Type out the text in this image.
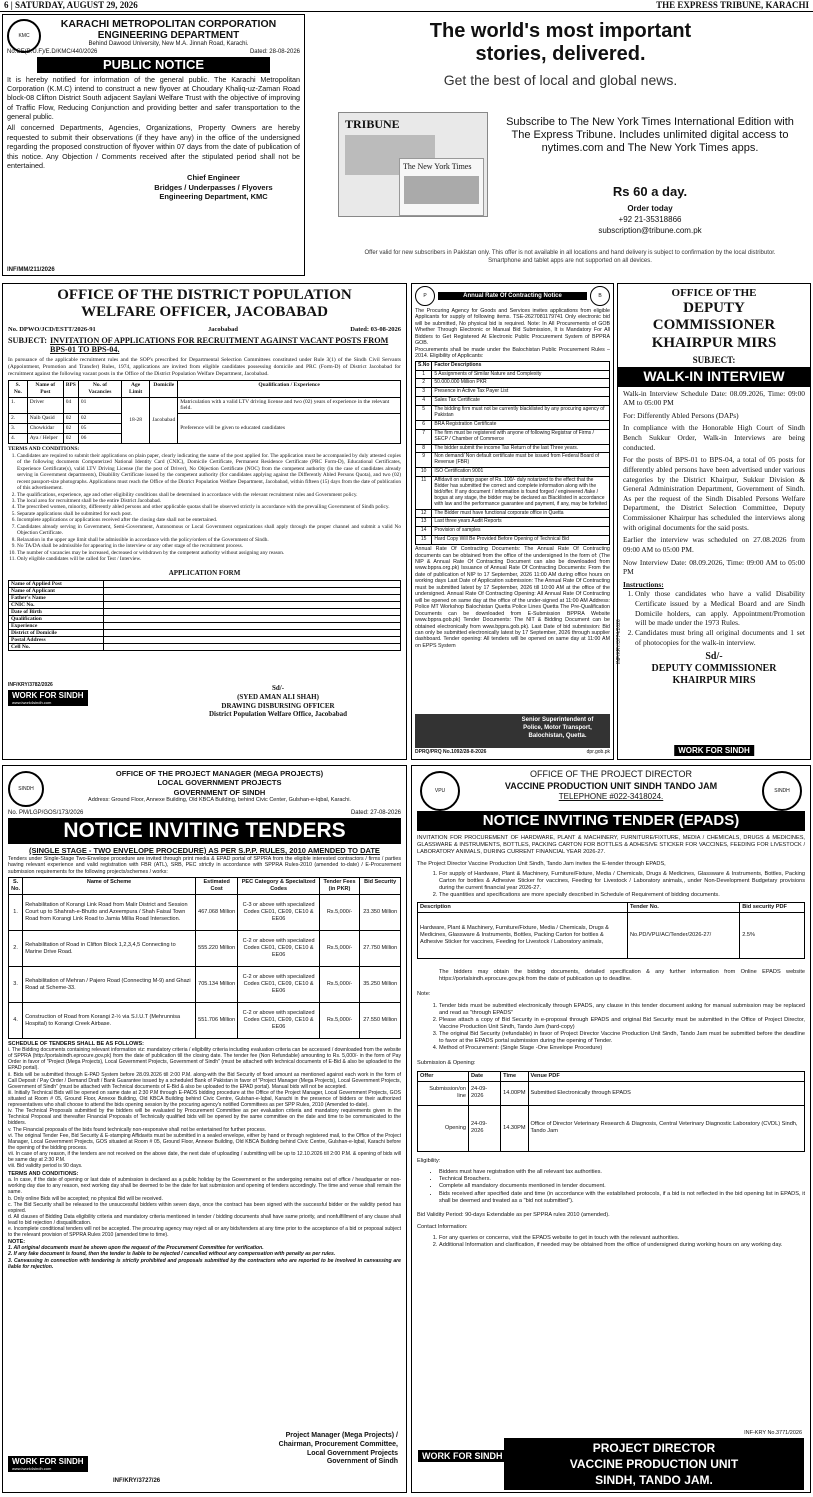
6 | SATURDAY, AUGUST 29, 2026	THE EXPRESS TRIBUNE, KARACHI
KMC
KARACHI METROPOLITAN CORPORATION
ENGINEERING DEPARTMENT
Behind Dawood University, New M.A. Jinnah Road, Karachi.
No.CE(B.U.F)/E.D/KMC/440/2026	Dated: 28-08-2026
PUBLIC NOTICE

It is hereby notified for information of the general public. The Karachi Metropolitan Corporation (K.M.C) intend to construct a new flyover at Choudary Khaliq-uz-Zaman Road block-08 Clifton District South adjacent Saylani Welfare Trust with the objective of improving of Traffic Flow, Reducing Conjunction and providing better and safer transportation to the general public.

All concerned Departments, Agencies, Organizations, Property Owners are hereby requested to submit their observations (if they have any) in the office of the undersigned regarding the proposed construction of flyover within 07 days from the date of publication of this notice. Any Objection / Comments received after the stipulated period shall not be entertained.

Chief Engineer
Bridges / Underpasses / Flyovers
Engineering Department, KMC
INF/MM/211/2026
The world's most important
stories, delivered.
Get the best of local and global news.
TRIBUNE
The New York Times
Subscribe to The New York Times International Edition with The Express Tribune. Includes unlimited digital access to nytimes.com and The New York Times apps.
Rs 60 a day.
Order today
+92 21-35318866
subscription@tribune.com.pk
Offer valid for new subscribers in Pakistan only. This offer is not available in all locations and hand delivery is subject to confirmation by the local distributor. Smartphone and tablet apps are not supported on all devices.
OFFICE OF THE DISTRICT POPULATION
WELFARE OFFICER, JACOBABAD
No. DPWO/JCD/ESTT/2026-91	Jacobabad	Dated: 03-08-2026
SUBJECT: INVITATION OF APPLICATIONS FOR RECRUITMENT AGAINST VACANT POSTS FROM BPS-01 TO BPS-04.

In pursuance of the applicable recruitment rules and the SOP's prescribed for Departmental Selection Committees constituted under Rule 3(1) of the Sindh Civil Servants (Appointment, Promotion and Transfer) Rules, 1974, applications are invited from eligible candidates possessing domicile and PRC (Form-D) of District Jacobabad for recruitment against the following vacant posts in the Office of the District Population Welfare Department, Jacobabad.

S. No.	Name of Post	BPS	No. of Vacancies	Age Limit	Domicile	Qualification / Experience
1.	Driver	04	01	18-28	Jacobabad	Matriculation with a valid LTV driving license and two (02) years of experience in the relevant field.
2.	Naib Qasid	02	02			Preference will be given to educated candidates
3.	Chowkidar	02	05			
4.	Aya / Helper	02	06			
TERMS AND CONDITIONS:
1. Candidates are required to submit their applications on plain paper, clearly indicating the name of the post applied for. The application must be accompanied by duly attested copies of the following documents Computerized National Identity Card (CNIC), Domicile Certificate, Permanent Residence Certificate (PRC Form-D), Educational Certificates, Experience Certificate(s), valid LTV Driving License (for the post of Driver), No Objection Certificate (NOC) from the competent authority (in the case of candidates already serving in Government departments), Disability Certificate issued by the competent authority (for candidates applying against the Differently Abled Persons Quota), and two (02) recent passport-size photographs. Applications must reach the Office of the District Population Welfare Department, Jacobabad, within fifteen (15) days from the date of publication of this advertisement.
2. The qualifications, experience, age and other eligibility conditions shall be determined in accordance with the relevant recruitment rules and Government policy.
3. The local area for recruitment shall be the entire District Jacobabad.
4. The prescribed women, minority, differently abled persons and other applicable quotas shall be observed strictly in accordance with the prevailing Government of Sindh policy.
5. Separate applications shall be submitted for each post.
6. Incomplete applications or applications received after the closing date shall not be entertained.
7. Candidates already serving in Government, Semi-Government, Autonomous or Local Government organizations shall apply through the proper channel and submit a valid No Objection Certificate.
8. Relaxation in the upper age limit shall be admissible in accordance with the policy/orders of the Government of Sindh.
9. No TA/DA shall be admissible for appearing in the interview or any other stage of the recruitment process.
10. The number of vacancies may be increased, decreased or withdrawn by the competent authority without assigning any reason.
11. Only eligible candidates will be called for Test / Interview.
APPLICATION FORM
Name of Applied Post	
Name of Applicant	
Father's Name	
CNIC No.	
Date of Birth	
Qualification	
Experience	
District of Domicile	
Postal Address	
Cell No.	
Sd/-
(SYED AMAN ALI SHAH)
DRAWING DISBURSING OFFICER
District Population Welfare Office, Jacobabad
INF/KRY/3782/2026
WORK FOR SINDH
www.iwork4sindh.com
P	Annual Rate Of Contracting Notice	B

The Procuring Agency for Goods and Services invites applications from eligible Applicants for supply of following items. TSE-2627081179741 Only electronic bid will be submitted, No physical bid is required. Note: In All Procurements of GOB Whether Through Electronic or Manual Bid Submission, It is Mandatory For All Bidders to Get Registered At Electronic Public Procurement System of BPPRA GOB.

Procurements shall be made under the Balochistan Public Procurement Rules – 2014. Eligibility of Applicants:

S.No	Factor Descriptions
1	5 Assignments of Similar Nature and Complexity
2	50.000.000 Million PKR
3	Presence in Active Tax Payer List
4	Sales Tax Certificate
5	The bidding firm must not be currently blacklisted by any procuring agency of Pakistan
6	BRA Registration Certificate
7	The firm must be registered with anyone of following Registrar of Firms / SECP / Chamber of Commerce
8	The bidder submit the income Tax Return of the last Three years.
9	Non demand/ Non default certificate must be issued from Federal Board of Revenue (FBR)
10	ISO Certification 9001
11	Affidavit on stamp paper of Rs. 100/- duly notarized to the effect that the Bidder has submitted the correct and complete information along with the bid/offer. If any document / information is found forged / engineered /fake / bogus at any stage, the bidder may be declared as Blacklisted in accordance with law and the performance guarantee and payment, if any, may be forfeited
12	The Bidder must have functional corporate office in Quetta
13	Last three years Audit Reports
14	Provision of samples
15	Hard Copy Will Be Provided Before Opening of Technical Bid

Annual Rate Of Contracting Documents: The Annual Rate Of Contracting documents can be obtained from the office of the undersigned In the form of: (The NIP & Annual Rate Of Contracting Document can also be downloaded from www.bppra.org.pk) Issuance of Annual Rate Of Contracting Documents: From the date of publication of NIP to 17 September, 2026 11:00 AM during office hours on working days Last Date of Application submission: The Annual Rate Of Contracting must be submitted latest by 17 September, 2026 till 10:00 AM at the office of the undersigned. Annual Rate Of Contracting Opening: All Annual Rate Of Contracting will be opened on same day at the office of the under-signed at 11:00 AM Address: Police MT Workshop Balochistan Quetta Police Lines Quetta The Pre-Qualification Documents can be downloaded from E-Submission BPPRA Website www.bppra.gob.pk) Tender Documents: The NIT & Bidding Document can be obtained electronically from www.bppra.gob.pk). Last Date of bid submission: Bid can only be submitted electronically latest by 17 September, 2026 through supplier dashboard. Tender opening: All tenders will be opened on same day at 11:00 AM on EPPS System

Senior Superintendent of
Police, Motor Transport,
Balochistan, Quetta.
DPRQ/PRQ No.1092/28-8-2026	dpr.gob.pk
OFFICE OF THE
DEPUTY
COMMISSIONER
KHAIRPUR MIRS
SUBJECT:
WALK-IN INTERVIEW

Walk-in Interview Schedule Date: 08.09.2026, Time: 09:00 AM to 05:00 PM

For: Differently Abled Persons (DAPs)

In compliance with the Honorable High Court of Sindh Bench Sukkur Order, Walk-in Interviews are being conducted.

For the posts of BPS-01 to BPS-04, a total of 05 posts for differently abled persons have been advertised under various categories by the District Khairpur, Sukkur Division & General Administration Department, Government of Sindh. As per the request of the Sindh Disabled Persons Welfare Department, the District Selection Committee, Deputy Commissioner Khairpur has scheduled the interviews along with original documents for the said posts.

Earlier the interview was scheduled on 27.08.2026 from 09:00 AM to 05:00 PM.

Now Interview Date: 08.09.2026, Time: 09:00 AM to 05:00 PM

Instructions:

1. Only those candidates who have a valid Disability Certificate issued by a Medical Board and are Sindh Domicile holders, can apply. Appointment/Promotion will be made under the 1973 Rules.
2. Candidates must bring all original documents and 1 set of photocopies for the walk-in interview.
Sd/-
DEPUTY COMMISSIONER
KHAIRPUR MIRS
INF/KRY/3774/2026
WORK FOR SINDH
SINDH
OFFICE OF THE PROJECT MANAGER (MEGA PROJECTS)
LOCAL GOVERNMENT PROJECTS
GOVERNMENT OF SINDH
Address: Ground Floor, Annexe Building, Old KBCA Building, behind Civic Center, Gulshan-e-Iqbal, Karachi.
No. PM/LGP/GOS/173/2026	Dated: 27-08-2026
NOTICE INVITING TENDERS
(SINGLE STAGE - TWO ENVELOPE PROCEDURE) AS PER S.P.P. RULES, 2010 AMENDED TO DATE

Tenders under Single-Stage Two-Envelope procedure are invited through print media & EPAD portal of SPPRA from the eligible interested contractors / firms / parties having relevant experience and valid registration with FBR (ATL), SRB, PEC strictly in accordance with SPPRA Rules-2010 (amended to-date) / E-Procurement submission requirements for the following projects/schemes / works:

S. No.	Name of Scheme	Estimated Cost	PEC Category & Specialized Codes	Tender Fees (in PKR)	Bid Security
1.	Rehabilitation of Korangi Link Road from Malir District and Session Court up to Shahrah-e-Bhutto and Azeempura / Shah Faisal Town Road from Korangi Link Road to Jamia Millia Road Intersection.	467.068 Million	C-3 or above with specialized Codes CE01, CE09, CE10 & EE06	Rs.5,000/-	23.350 Million
2.	Rehabilitation of Road in Clifton Block 1,2,3,4,5 Connecting to Marine Drive Road.	555.220 Million	C-2 or above with specialized Codes CE01, CE09, CE10 & EE06	Rs.5,000/-	27.750 Million
3.	Rehabilitation of Mehran / Pajero Road (Connecting M-9) and Ghazi Road at Scheme-33.	705.134 Million	C-2 or above with specialized Codes CE01, CE09, CE10 & EE06	Rs.5,000/-	35.250 Million
4.	Construction of Road from Korangi 2-½ via S.I.U.T (Mehrunnisa Hospital) to Korangi Creek Airbase.	551.706 Million	C-2 or above with specialized Codes CE01, CE09, CE10 & EE06	Rs.5,000/-	27.550 Million
SCHEDULE OF TENDERS SHALL BE AS FOLLOWS:
i. The Bidding documents containing relevant information viz: mandatory criteria / eligibility criteria including evaluation criteria can be accessed / downloaded from the website of SPPRA (http://portalsindh.eprocure.gov.pk) from the date of publication till the closing date. The tender fee (Non Refundable) amounting to Rs. 5,000/- in the form of Pay Order in favor of "Project (Mega Projects), Local Government Projects, Government of Sindh" (must be attached with technical documents of E-Bid & also be uploaded to the EPAD portal).
ii. Bids will be submitted through E-PAD System before 28.09.2026 till 2:00 P.M. along-with the Bid Security of fixed amount as mentioned against each work in the form of Call Deposit / Pay Order / Demand Draft / Bank Guarantee issued by a scheduled Bank of Pakistan in favor of "Project Manager (Mega Projects), Local Government Projects, Government of Sindh" (must be attached with Technical documents of E-Bid & also be uploaded to the EPAD portal). Manual bids will not be accepted.
iii. Initially Technical Bids will be opened on same date at 2:30 P.M through E-PADS bidding procedure at the Office of the Project Manager, Local Government Projects, GOS situated at Room # 05, Ground Floor, Annexe Building, Old KBCA Building behind Civic Centre, Gulshan-e-Iqbal, Karachi in the presence of bidders or their authorized representatives who shall choose to attend the bids opening session by the procuring agency's notified Committees as per SPP Rules, 2010 (Amended to-date).
iv. The Technical Proposals submitted by the bidders will be evaluated by Procurement Committee as per evaluation criteria and mandatory requirements given in the Technical Proposal and thereafter Financial Proposals of Technically qualified bids will be opened by the same committee on the date and time to be communicated to the bidders.
v. The Financial proposals of the bids found technically non-responsive shall not be entertained for further process.
vi. The original Tender Fee, Bid Security & E-stamping Affidavits must be submitted in a sealed envelope, either by hand or through registered mail, to the Office of the Project Manager, Local Government Projects, GOS situated at Room # 05, Ground Floor, Annexe Building, Old KBCA Building behind Civic Centre, Gulshan-e-Iqbal, Karachi before the opening of the bidding process.
vii. In case of any reason, if the tenders are not received on the above date, the next date of uploading / submitting will be up to 12.10.2026 till 2:00 P.M. & opening of bids will be same day at 2:30 P.M.
viii. Bid validity period is 90 days.
TERMS AND CONDITIONS:
a. In case, if the date of opening or last date of submission is declared as a public holiday by the Government or the undergoing remains out of office / headquarter or non-working day due to any reason, next working day shall be deemed to be the date for last submission and opening of tenders accordingly. The time and venue shall remain the same.
b. Only online Bids will be accepted; no physical Bid will be received.
c. The Bid Security shall be released to the unsuccessful bidders within seven days, once the contract has been signed with the successful bidder or the validity period has expired.
d. All clauses of Bidding Data eligibility criteria and mandatory criteria mentioned in tender / bidding documents shall have same priority, and nonfulfillment of any clause shall lead to bid rejection / disqualification.
e. Incomplete conditional tenders will not be accepted. The procuring agency may reject all or any bids/tenders at any time prior to the acceptance of a bid or proposal subject to the relevant provision of SPPRA Rules 2010 (amended time to time).
NOTE:
1. All original documents must be shown upon the request of the Procurement Committee for verification.
2. If any fake document is found, then the tender is liable to be rejected / cancelled without any compensation with penalty as per rules.
3. Canvassing in connection with tendering is strictly prohibited and proposals submitted by the contractors who are reported to be involved in canvassing are liable for rejection.
Project Manager (Mega Projects) /
Chairman, Procurement Committee,
Local Government Projects
Government of Sindh
WORK FOR SINDH
www.iwork4sindh.com
INF/KRY/3727/26
VPU	SINDH
OFFICE OF THE PROJECT DIRECTOR
VACCINE PRODUCTION UNIT SINDH TANDO JAM
TELEPHONE #022-3418024.
NOTICE INVITING TENDER (EPADS)

INVITATION FOR PROCUREMENT OF HARDWARE, PLANT & MACHINERY, FURNITURE/FIXTURE, MEDIA / CHEMICALS, DRUGS & MEDICINES, GLASSWARE & INSTRUMENTS, BOTTLES, PACKING CARTON FOR BOTTLES & ADHESIVE STICKER FOR VACCINES, FEEDING FOR LIVESTOCK / LABORATORY ANIMALS, DURING CURRENT FINANCIAL YEAR 2026-27.

The Project Director Vaccine Production Unit Sindh, Tando Jam invites the E-tender through EPADS,

1. For supply of Hardware, Plant & Machinery, Furniture/Fixture, Media / Chemicals, Drugs & Medicines, Glassware & Instruments, Bottles, Packing Carton for bottles & Adhesive Sticker for vaccines, Feeding for Livestock / Laboratory animals,, under Non-Development Budgetary provisions during the current financial year 2026-27.
2. The quantities and specifications are more specially described in Schedule of Requirement of bidding documents.
Description	Tender No.	Bid security PDF
Hardware, Plant & Machinery, Furniture/Fixture, Media / Chemicals, Drugs & Medicines, Glassware & Instruments, Bottles, Packing Carton for bottles & Adhesive Sticker for vaccines, Feeding for Livestock / Laboratory animals,	No.PD/VPU/AC/Tender/2026-27/	2.5%

The bidders may obtain the bidding documents, detailed specification & any further information from Online EPADS website https://portalsindh.eprocure.gov.pk from the date of publication up to deadline.

Note:

1. Tender bids must be submitted electronically through EPADS, any clause in this tender document asking for manual submission may be replaced and read as "through EPADS"
2. Please attach a copy of Bid Security in e-proposal through EPADS and original Bid Security must be submitted in the Office of Project Director, Vaccine Production Unit Sindh, Tando Jam (hard-copy)
3. The original Bid Security (refundable) in favor of Project Director Vaccine Production Unit Sindh, Tando Jam must be submitted before the deadline to favor at the EPADS portal submission during the opening of Tender.
4. Method of Procurement: (Single Stage -One Envelope Procedure)

Submission & Opening:

Offer	Date	Time	Venue PDF
Submission/on line	24-09-2026	14.00PM	Submitted Electronically through EPADS
Opening	24-09-2026	14.30PM	Office of Director Veterinary Research & Diagnosis, Central Veterinary Diagnostic Laboratory (CVDL) Sindh, Tando Jam

Eligibility:

• Bidders must have registration with the all relevant tax authorities.
• Technical Broachers.
• Complete all mandatory documents mentioned in tender document.
• Bids received after specified date and time (in accordance with the established protocols, if a bid is not reflected in the bid opening list in EPADS, it shall be deemed and treated as a "bid not submitted").

Bid Validity Period: 90-days Extendable as per SPPRA rules 2010 (amended).

Contact Information:

1. For any queries or concerns, visit the EPADS website to get in touch with the relevant authorities.
2. Additional Information and clarification, if needed may be obtained from the office of undersigned during working hours on any working day.
INF-KRY No.3771/2026
WORK FOR SINDH
PROJECT DIRECTOR
VACCINE PRODUCTION UNIT
SINDH, TANDO JAM.
